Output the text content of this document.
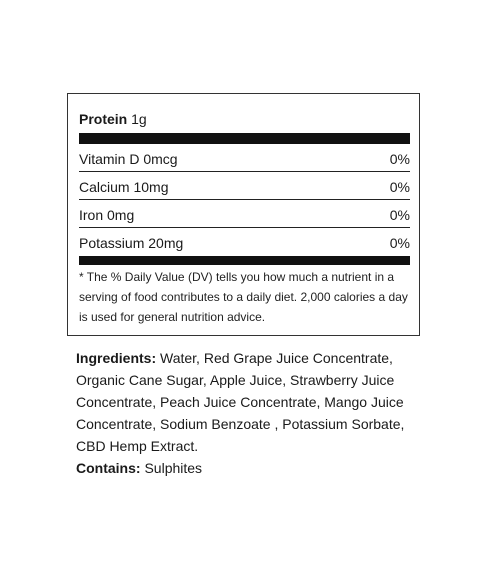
Protein 1g
Vitamin D 0mcg	0%
Calcium 10mg	0%
Iron 0mg	0%
Potassium 20mg	0%
* The % Daily Value (DV) tells you how much a nutrient in a serving of food contributes to a daily diet. 2,000 calories a day is used for general nutrition advice.
Ingredients: Water, Red Grape Juice Concentrate, Organic Cane Sugar, Apple Juice, Strawberry Juice Concentrate, Peach Juice Concentrate, Mango Juice Concentrate, Sodium Benzoate , Potassium Sorbate, CBD Hemp Extract.
Contains: Sulphites
